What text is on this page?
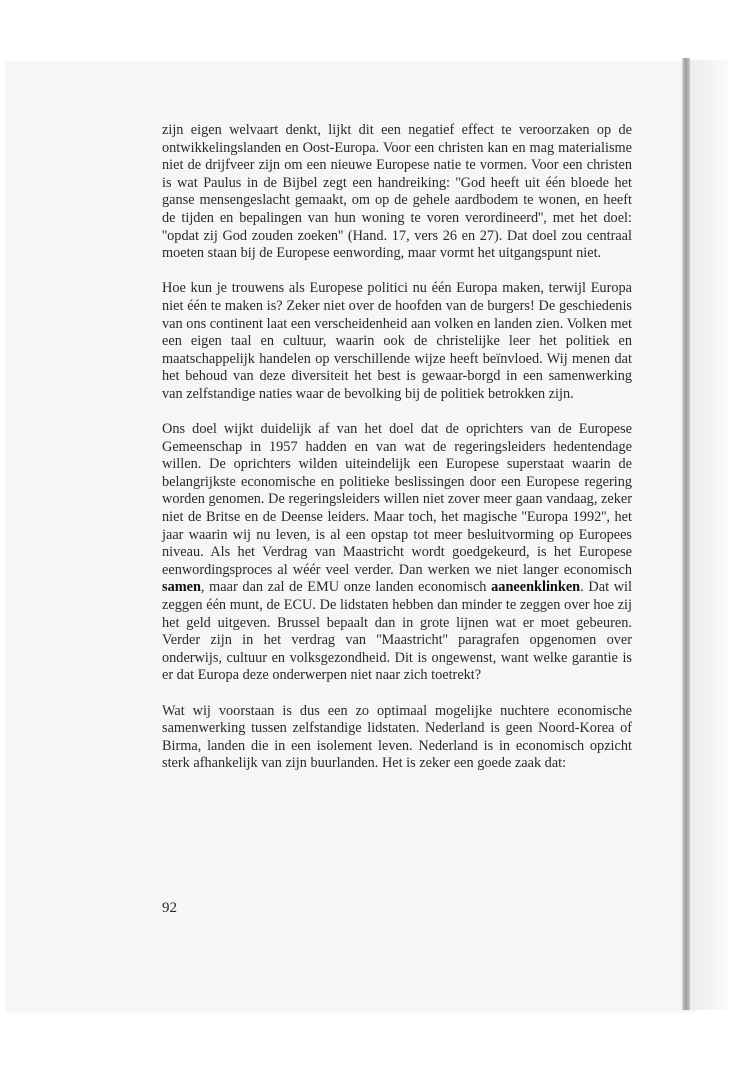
zijn eigen welvaart denkt, lijkt dit een negatief effect te veroorzaken op de ontwikkelingslanden en Oost-Europa. Voor een christen kan en mag materialisme niet de drijfveer zijn om een nieuwe Europese natie te vormen. Voor een christen is wat Paulus in de Bijbel zegt een handreiking: ''God heeft uit één bloede het ganse mensengeslacht gemaakt, om op de gehele aardbodem te wonen, en heeft de tijden en bepalingen van hun woning te voren verordineerd'', met het doel: ''opdat zij God zouden zoeken'' (Hand. 17, vers 26 en 27). Dat doel zou centraal moeten staan bij de Europese eenwording, maar vormt het uitgangspunt niet.

Hoe kun je trouwens als Europese politici nu één Europa maken, terwijl Europa niet één te maken is? Zeker niet over de hoofden van de burgers! De geschiedenis van ons continent laat een verscheidenheid aan volken en landen zien. Volken met een eigen taal en cultuur, waarin ook de christelijke leer het politiek en maatschappelijk handelen op verschillende wijze heeft beïnvloed. Wij menen dat het behoud van deze diversiteit het best is gewaar-borgd in een samenwerking van zelfstandige naties waar de bevolking bij de politiek betrokken zijn.

Ons doel wijkt duidelijk af van het doel dat de oprichters van de Europese Gemeenschap in 1957 hadden en van wat de regeringsleiders hedentendage willen. De oprichters wilden uiteindelijk een Europese superstaat waarin de belangrijkste economische en politieke beslissingen door een Europese regering worden genomen. De regeringsleiders willen niet zover meer gaan vandaag, zeker niet de Britse en de Deense leiders. Maar toch, het magische ''Europa 1992'', het jaar waarin wij nu leven, is al een opstap tot meer besluitvorming op Europees niveau. Als het Verdrag van Maastricht wordt goedgekeurd, is het Europese eenwordingsproces al wéér veel verder. Dan werken we niet langer economisch samen, maar dan zal de EMU onze landen economisch aaneenklinken. Dat wil zeggen één munt, de ECU. De lidstaten hebben dan minder te zeggen over hoe zij het geld uitgeven. Brussel bepaalt dan in grote lijnen wat er moet gebeuren. Verder zijn in het verdrag van ''Maastricht'' paragrafen opgenomen over onderwijs, cultuur en volksgezondheid. Dit is ongewenst, want welke garantie is er dat Europa deze onderwerpen niet naar zich toetrekt?

Wat wij voorstaan is dus een zo optimaal mogelijke nuchtere economische samenwerking tussen zelfstandige lidstaten. Nederland is geen Noord-Korea of Birma, landen die in een isolement leven. Nederland is in economisch opzicht sterk afhankelijk van zijn buurlanden. Het is zeker een goede zaak dat:

92
